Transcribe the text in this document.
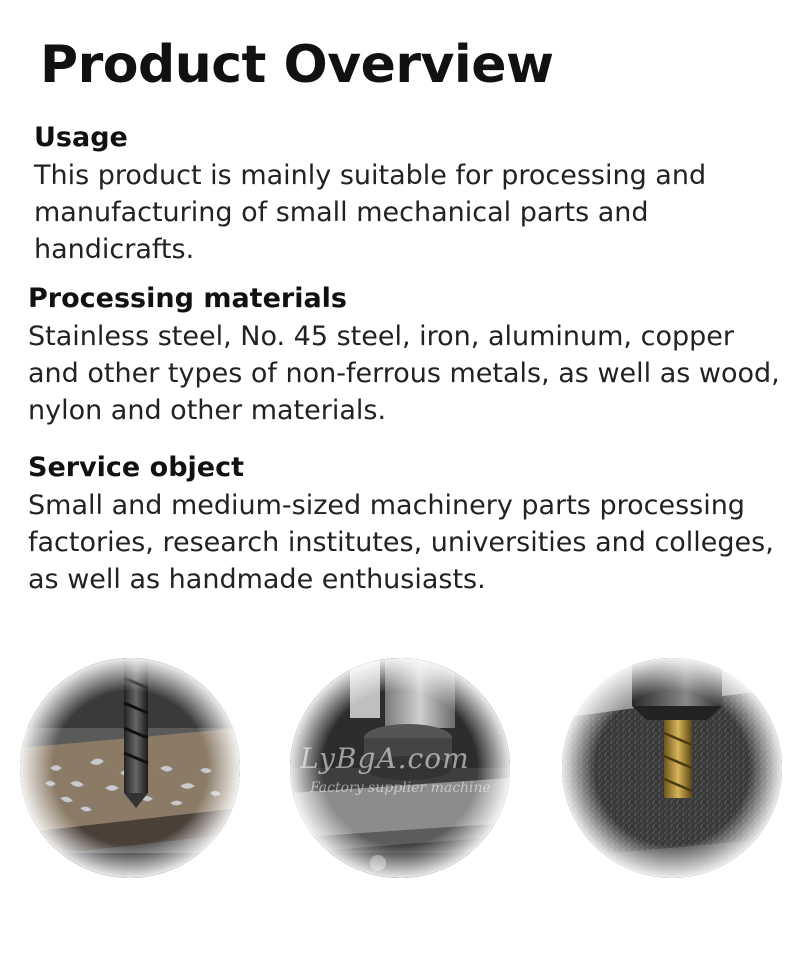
Product Overview
Usage

This product is mainly suitable for processing and manufacturing of small mechanical parts and handicrafts.

Processing materials

Stainless steel, No. 45 steel, iron, aluminum, copper and other types of non-ferrous metals, as well as wood, nylon and other materials.

Service object

Small and medium-sized machinery parts processing factories, research institutes, universities and colleges, as well as handmade enthusiasts.

LyBgA.com
Factory supplier machine
